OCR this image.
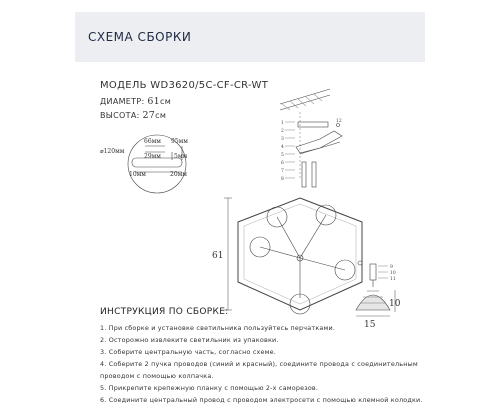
СХЕМА СБОРКИ
МОДЕЛЬ WD3620/5C-CF-CR-WT
ДИАМЕТР: 61см
ВЫСОТА: 27см
⌀120мм
66мм
29мм
95мм
5мм
10мм	20мм
1
2
3
4
5
6
7
8
9
10
11
12
61
10
15
ИНСТРУКЦИЯ ПО СБОРКЕ:
1. При сборке и установке светильника пользуйтесь перчатками.
2. Осторожно извлеките светильник из упаковки.
3. Соберите центральную часть, согласно схеме.
4. Соберите 2 пучка проводов (синий и красный), соедините провода с соединительным
проводом с помощью колпачка.
5. Прикрепите крепежную планку с помощью 2-х саморезов.
6. Соедините центральный провод с проводом электросети с помощью клемной колодки.
